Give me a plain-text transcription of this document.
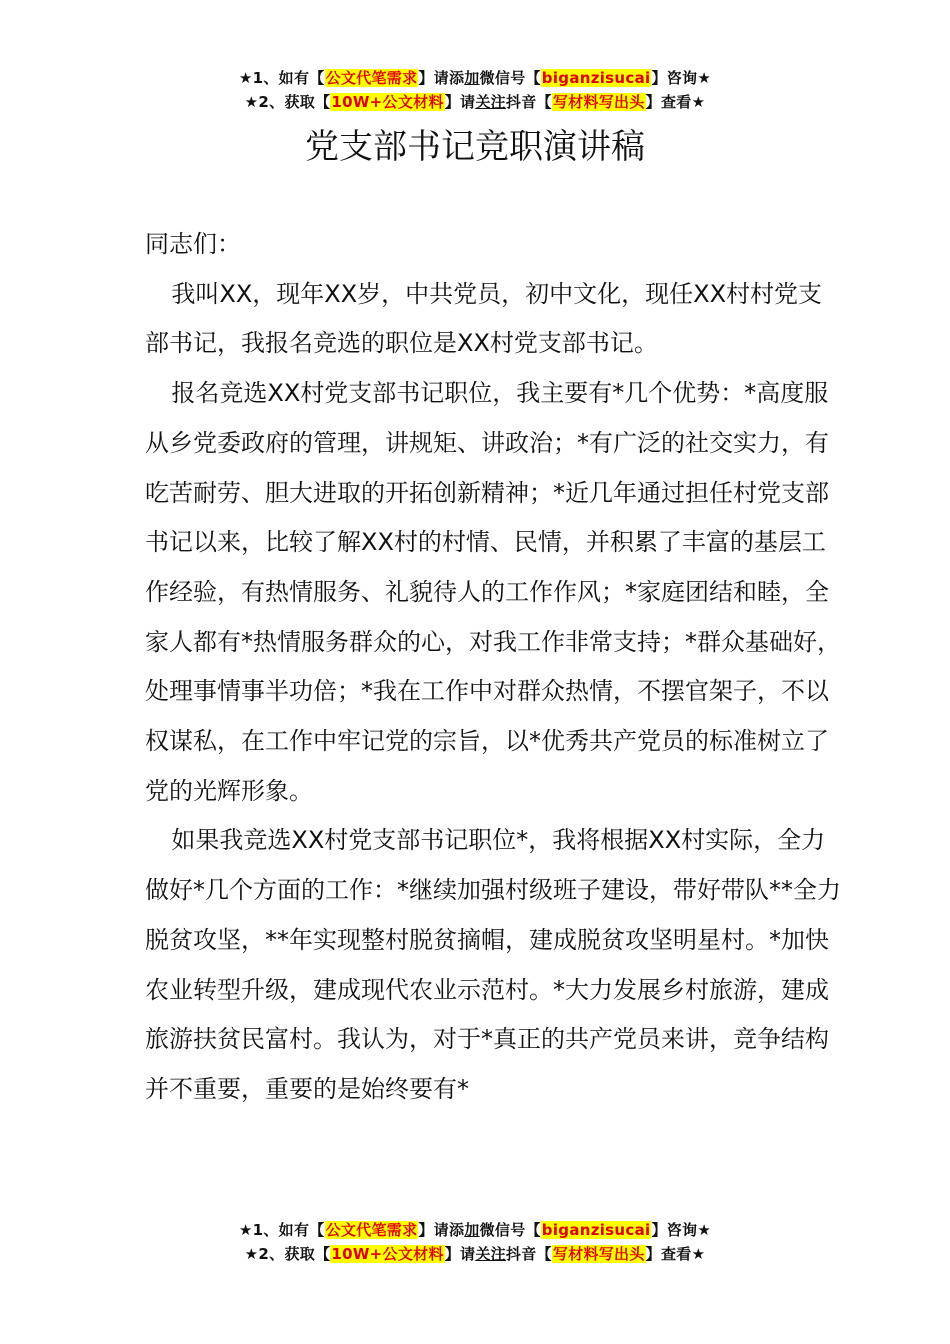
★1、如有【公文代笔需求】请添加微信号【biganzisucai】咨询★
★2、获取【10W+公文材料】请关注抖音【写材料写出头】查看★
党支部书记竞职演讲稿

同志们：

我叫XX，现年XX岁，中共党员，初中文化，现任XX村村党支部书记，我报名竞选的职位是XX村党支部书记。

报名竞选XX村党支部书记职位，我主要有*几个优势：*高度服从乡党委政府的管理，讲规矩、讲政治；*有广泛的社交实力，有吃苦耐劳、胆大进取的开拓创新精神；*近几年通过担任村党支部书记以来，比较了解XX村的村情、民情，并积累了丰富的基层工作经验，有热情服务、礼貌待人的工作作风；*家庭团结和睦，全家人都有*热情服务群众的心，对我工作非常支持；*群众基础好，处理事情事半功倍；*我在工作中对群众热情，不摆官架子，不以权谋私，在工作中牢记党的宗旨，以*优秀共产党员的标准树立了党的光辉形象。

如果我竞选XX村党支部书记职位*，我将根据XX村实际，全力做好*几个方面的工作：*继续加强村级班子建设，带好带队**全力脱贫攻坚，**年实现整村脱贫摘帽，建成脱贫攻坚明星村。*加快农业转型升级，建成现代农业示范村。*大力发展乡村旅游，建成旅游扶贫民富村。我认为，对于*真正的共产党员来讲，竞争结构并不重要，重要的是始终要有*

★1、如有【公文代笔需求】请添加微信号【biganzisucai】咨询★
★2、获取【10W+公文材料】请关注抖音【写材料写出头】查看★
